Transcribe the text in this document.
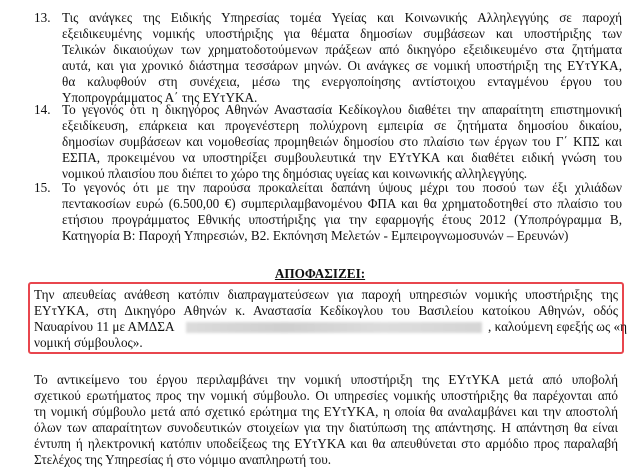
13. Τις ανάγκες της Ειδικής Υπηρεσίας τομέα Υγείας και Κοινωνικής Αλληλεγγύης σε παροχή
εξειδικευμένης νομικής υποστήριξης για θέματα δημοσίων συμβάσεων και υποστήριξης των
Τελικών δικαιούχων των χρηματοδοτούμενων πράξεων από δικηγόρο εξειδικευμένο στα ζητήματα
αυτά, και για χρονικό διάστημα τεσσάρων μηνών. Οι ανάγκες σε νομική υποστήριξη της ΕΥτΥΚΑ,
θα καλυφθούν στη συνέχεια, μέσω της ενεργοποίησης αντίστοιχου ενταγμένου έργου του
Υποπρογράμματος Α΄ της ΕΥτΥΚΑ.
14. Το γεγονός ότι η δικηγόρος Αθηνών Αναστασία Κεδίκογλου διαθέτει την απαραίτητη επιστημονική
εξειδίκευση, επάρκεια και προγενέστερη πολύχρονη εμπειρία σε ζητήματα δημοσίου δικαίου,
δημοσίων συμβάσεων και νομοθεσίας προμηθειών δημοσίου στο πλαίσιο των έργων του Γ΄ ΚΠΣ και
ΕΣΠΑ, προκειμένου να υποστηρίξει συμβουλευτικά την ΕΥτΥΚΑ και διαθέτει ειδική γνώση του
νομικού πλαισίου που διέπει το χώρο της δημόσιας υγείας και κοινωνικής αλληλεγγύης.
15. Το γεγονός ότι με την παρούσα προκαλείται δαπάνη ύψους μέχρι του ποσού των έξι χιλιάδων
πεντακοσίων ευρώ (6.500,00 €) συμπεριλαμβανομένου ΦΠΑ και θα χρηματοδοτηθεί στο πλαίσιο του
ετήσιου προγράμματος Εθνικής υποστήριξης για την εφαρμογής έτους 2012 (Υποπρόγραμμα Β,
Κατηγορία Β: Παροχή Υπηρεσιών, Β2. Εκπόνηση Μελετών - Εμπειρογνωμοσυνών – Ερευνών)
ΑΠΟΦΑΣΙΖΕΙ:
Την απευθείας ανάθεση κατόπιν διαπραγματεύσεων για παροχή υπηρεσιών νομικής υποστήριξης της
ΕΥτΥΚΑ, στη Δικηγόρο Αθηνών κ. Αναστασία Κεδίκογλου του Βασιλείου κατοίκου Αθηνών, οδός
Ναυαρίνου 11 με ΑΜΔΣΑ	, καλούμενη εφεξής ως «η
νομική σύμβουλος».
Το αντικείμενο του έργου περιλαμβάνει την νομική υποστήριξη της ΕΥτΥΚΑ μετά από υποβολή
σχετικού ερωτήματος προς την νομική σύμβουλο. Οι υπηρεσίες νομικής υποστήριξης θα παρέχονται από
τη νομική σύμβουλο μετά από σχετικό ερώτημα της ΕΥτΥΚΑ, η οποία θα αναλαμβάνει και την αποστολή
όλων των απαραίτητων συνοδευτικών στοιχείων για την διατύπωση της απάντησης. Η απάντηση θα είναι
έντυπη ή ηλεκτρονική κατόπιν υποδείξεως της ΕΥτΥΚΑ και θα απευθύνεται στο αρμόδιο προς παραλαβή
Στελέχος της Υπηρεσίας ή στο νόμιμο αναπληρωτή του.
